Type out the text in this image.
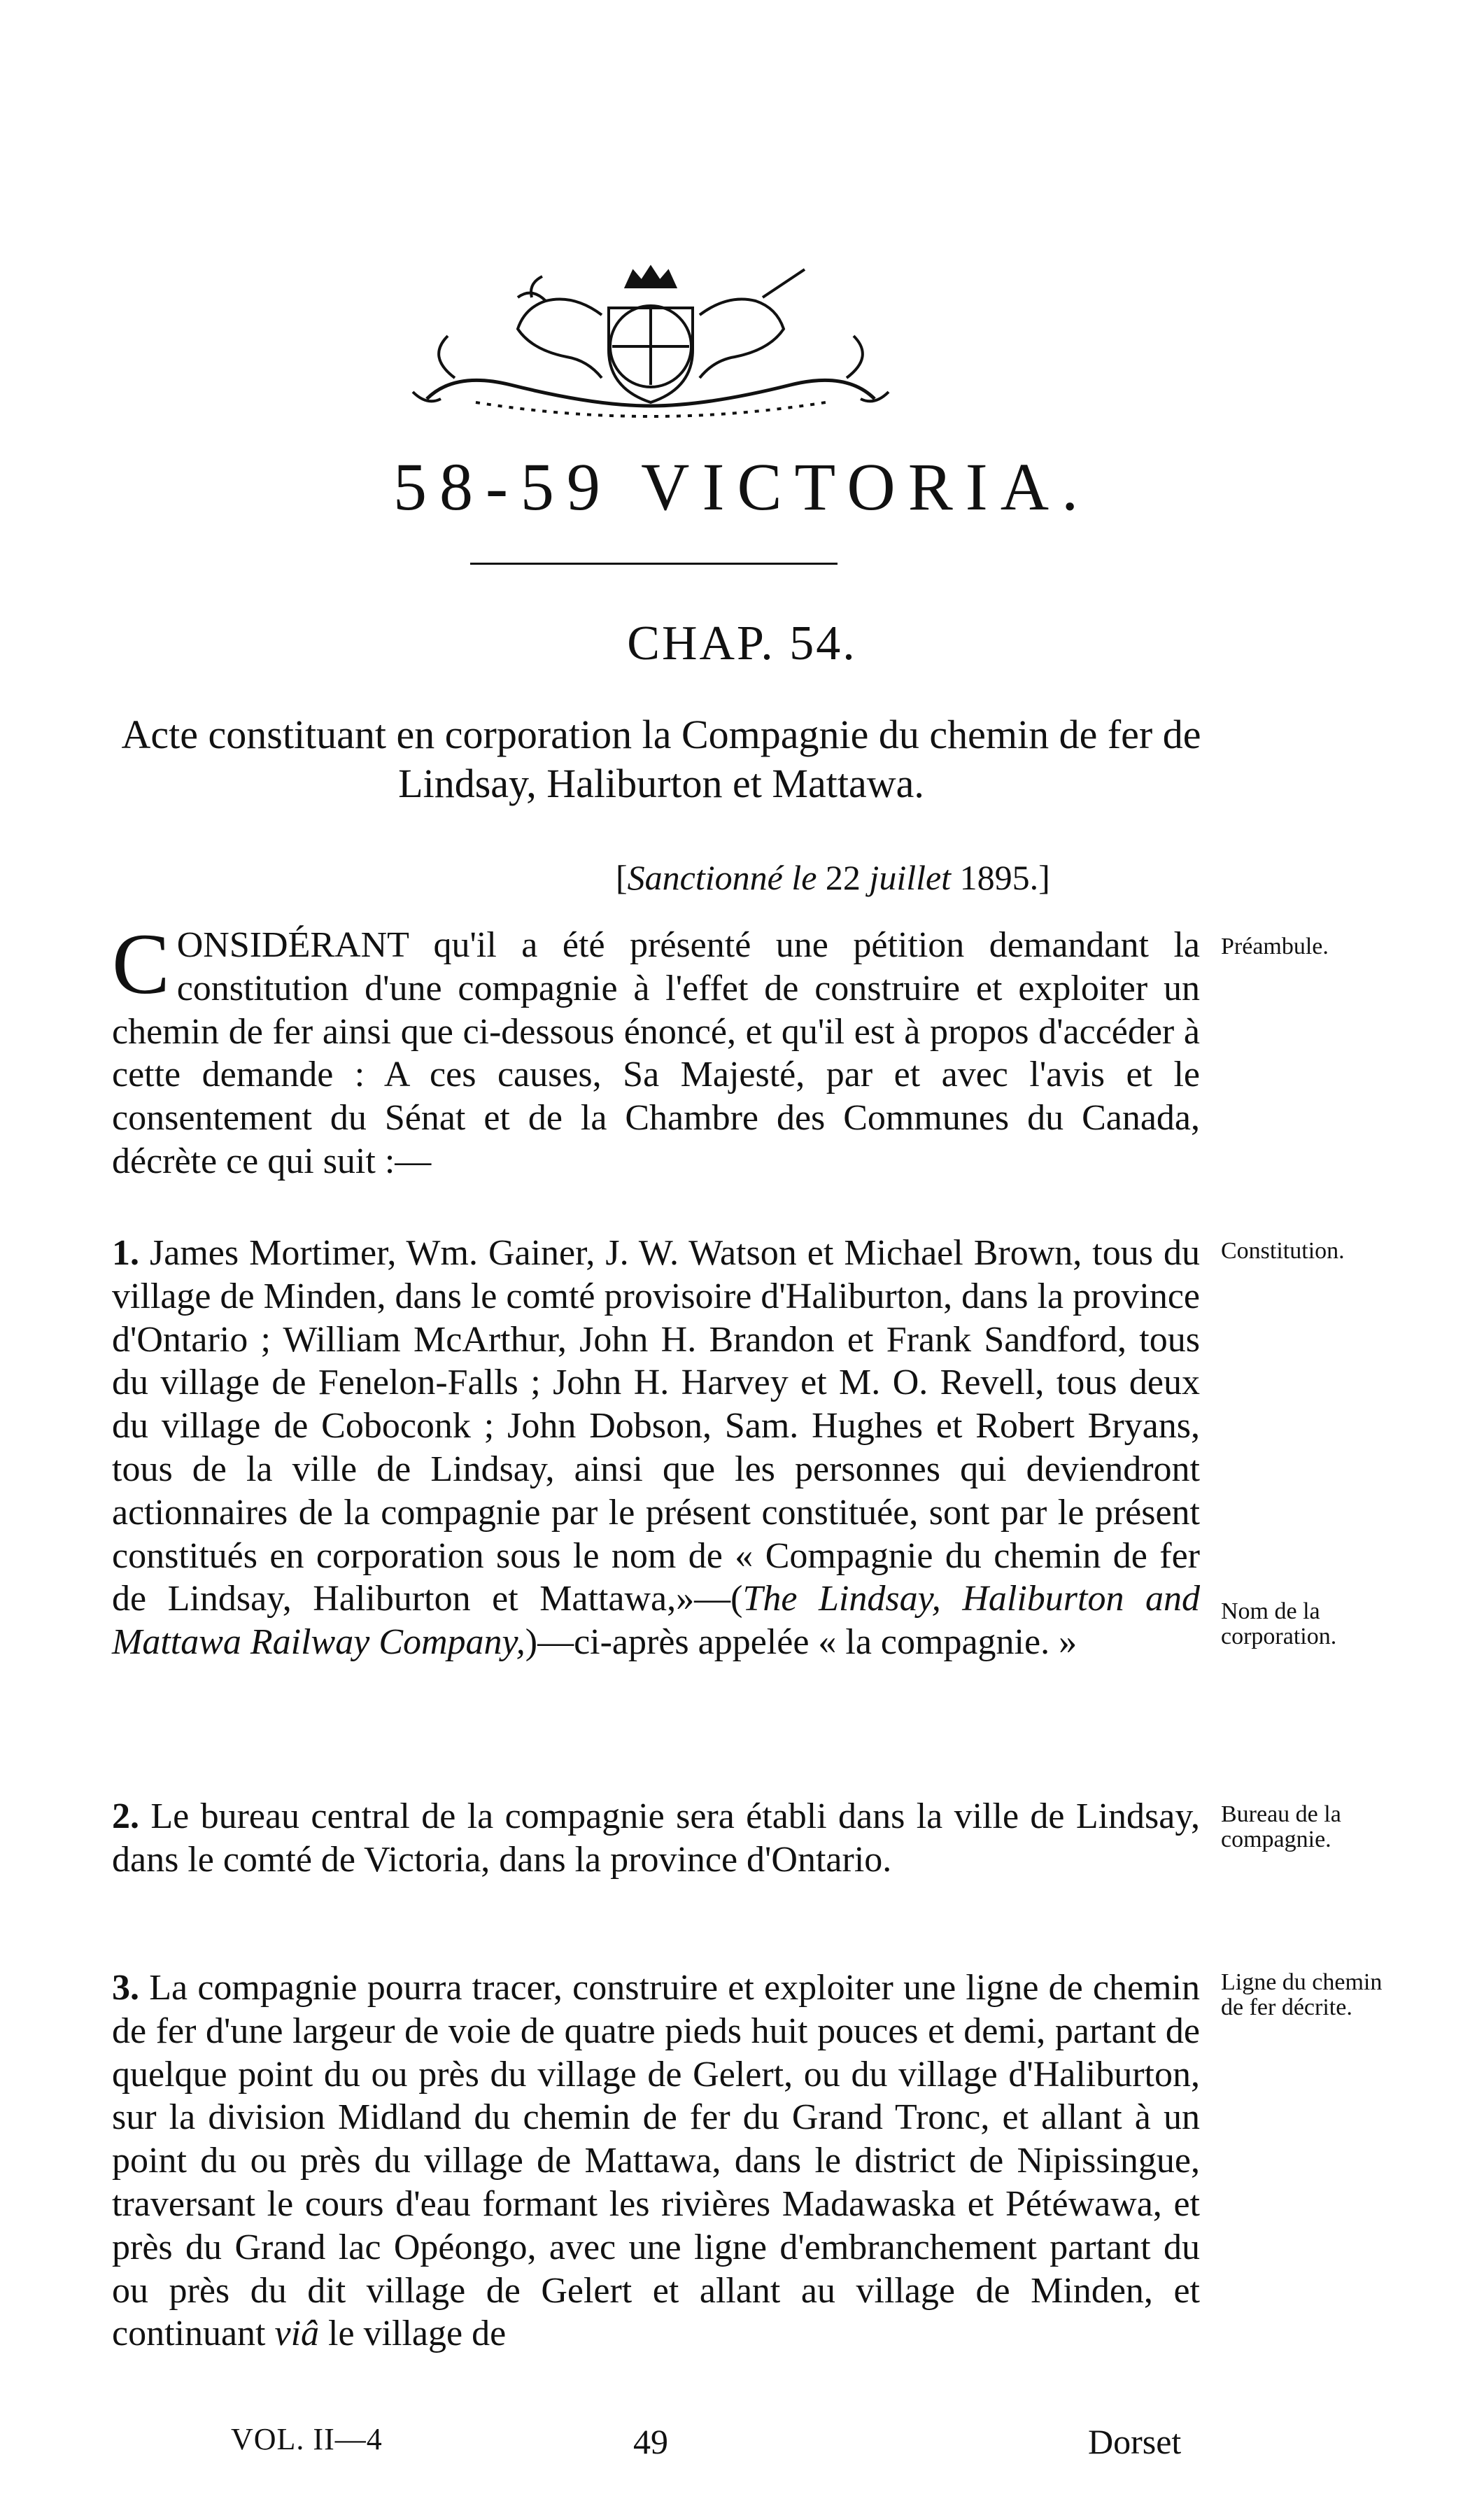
58-59 VICTORIA.
CHAP. 54.
Acte constituant en corporation la Compagnie du chemin de fer de Lindsay, Haliburton et Mattawa.
[Sanctionné le 22 juillet 1895.]

CONSIDÉRANT qu'il a été présenté une pétition demandant la constitution d'une compagnie à l'effet de construire et exploiter un chemin de fer ainsi que ci-dessous énoncé, et qu'il est à propos d'accéder à cette demande : A ces causes, Sa Majesté, par et avec l'avis et le consentement du Sénat et de la Chambre des Communes du Canada, décrète ce qui suit :—

Préambule.

1. James Mortimer, Wm. Gainer, J. W. Watson et Michael Brown, tous du village de Minden, dans le comté provisoire d'Haliburton, dans la province d'Ontario ; William McArthur, John H. Brandon et Frank Sandford, tous du village de Fenelon-Falls ; John H. Harvey et M. O. Revell, tous deux du village de Coboconk ; John Dobson, Sam. Hughes et Robert Bryans, tous de la ville de Lindsay, ainsi que les personnes qui deviendront actionnaires de la compagnie par le présent constituée, sont par le présent constitués en corporation sous le nom de « Compagnie du chemin de fer de Lindsay, Haliburton et Mattawa,»—(The Lindsay, Haliburton and Mattawa Railway Company,)—ci-après appelée « la compagnie. »

Constitution.
Nom de la corporation.

2. Le bureau central de la compagnie sera établi dans la ville de Lindsay, dans le comté de Victoria, dans la province d'Ontario.

Bureau de la compagnie.

3. La compagnie pourra tracer, construire et exploiter une ligne de chemin de fer d'une largeur de voie de quatre pieds huit pouces et demi, partant de quelque point du ou près du village de Gelert, ou du village d'Haliburton, sur la division Midland du chemin de fer du Grand Tronc, et allant à un point du ou près du village de Mattawa, dans le district de Nipissingue, traversant le cours d'eau formant les rivières Madawaska et Pétéwawa, et près du Grand lac Opéongo, avec une ligne d'embranchement partant du ou près du dit village de Gelert et allant au village de Minden, et continuant viâ le village de

Ligne du chemin de fer décrite.
VOL. II—4	49	Dorset
